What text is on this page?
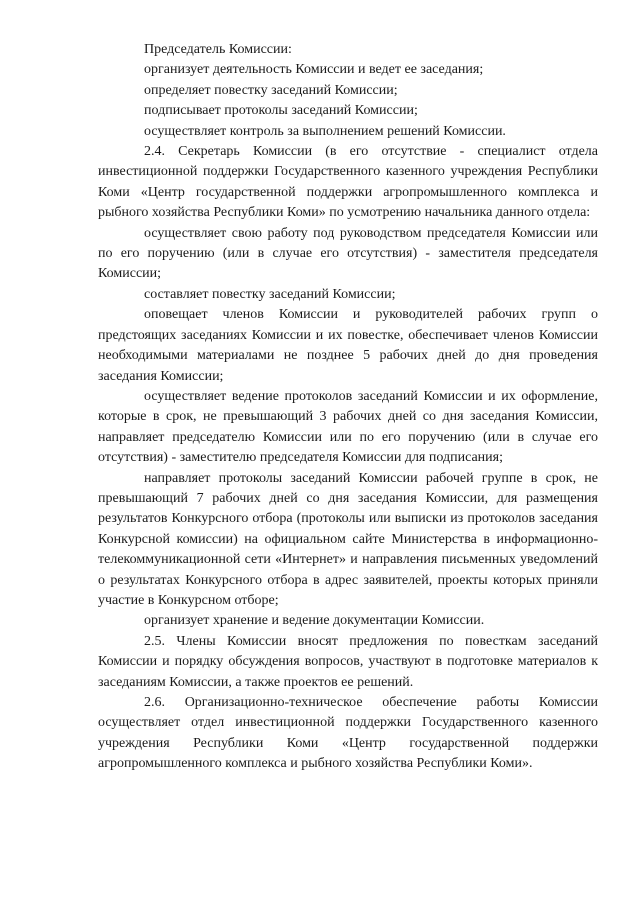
Председатель Комиссии:

организует деятельность Комиссии и ведет ее заседания;

определяет повестку заседаний Комиссии;

подписывает протоколы заседаний Комиссии;

осуществляет контроль за выполнением решений Комиссии.

2.4. Секретарь Комиссии (в его отсутствие - специалист отдела инвестиционной поддержки Государственного казенного учреждения Республики Коми «Центр государственной поддержки агропромышленного комплекса и рыбного хозяйства Республики Коми» по усмотрению начальника данного отдела:

осуществляет свою работу под руководством председателя Комиссии или по его поручению (или в случае его отсутствия) - заместителя председателя Комиссии;

составляет повестку заседаний Комиссии;

оповещает членов Комиссии и руководителей рабочих групп о предстоящих заседаниях Комиссии и их повестке, обеспечивает членов Комиссии необходимыми материалами не позднее 5 рабочих дней до дня проведения заседания Комиссии;

осуществляет ведение протоколов заседаний Комиссии и их оформление, которые в срок, не превышающий 3 рабочих дней со дня заседания Комиссии, направляет председателю Комиссии или по его поручению (или в случае его отсутствия) - заместителю председателя Комиссии для подписания;

направляет протоколы заседаний Комиссии рабочей группе в срок, не превышающий 7 рабочих дней со дня заседания Комиссии, для размещения результатов Конкурсного отбора (протоколы или выписки из протоколов заседания Конкурсной комиссии) на официальном сайте Министерства в информационно-телекоммуникационной сети «Интернет» и направления письменных уведомлений о результатах Конкурсного отбора в адрес заявителей, проекты которых приняли участие в Конкурсном отборе;

организует хранение и ведение документации Комиссии.

2.5. Члены Комиссии вносят предложения по повесткам заседаний Комиссии и порядку обсуждения вопросов, участвуют в подготовке материалов к заседаниям Комиссии, а также проектов ее решений.

2.6. Организационно-техническое обеспечение работы Комиссии осуществляет отдел инвестиционной поддержки Государственного казенного учреждения Республики Коми «Центр государственной поддержки агропромышленного комплекса и рыбного хозяйства Республики Коми».
